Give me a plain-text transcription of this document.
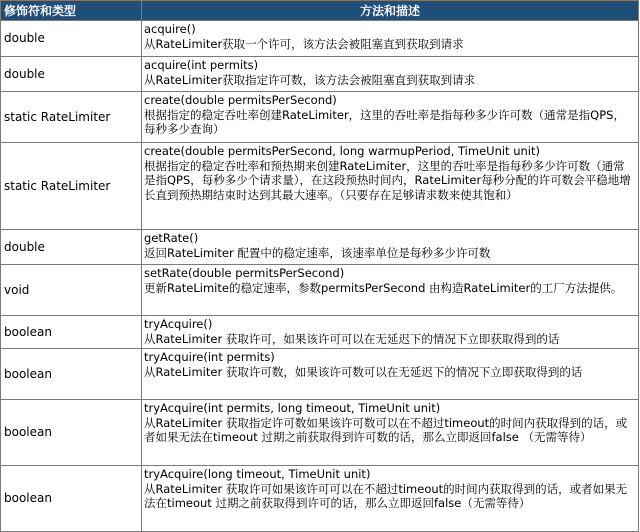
修饰符和类型	方法和描述
double	acquire()
从RateLimiter获取一个许可，该方法会被阻塞直到获取到请求

double	acquire(int permits)
从RateLimiter获取指定许可数，该方法会被阻塞直到获取到请求

static RateLimiter	create(double permitsPerSecond)
根据指定的稳定吞吐率创建RateLimiter，这里的吞吐率是指每秒多少许可数（通常是指QPS，每秒多少查询）

static RateLimiter	create(double permitsPerSecond, long warmupPeriod, TimeUnit unit)
根据指定的稳定吞吐率和预热期来创建RateLimiter，这里的吞吐率是指每秒多少许可数（通常是指QPS，每秒多少个请求量），在这段预热时间内，RateLimiter每秒分配的许可数会平稳地增长直到预热期结束时达到其最大速率。（只要存在足够请求数来使其饱和）

double	getRate()
返回RateLimiter 配置中的稳定速率，该速率单位是每秒多少许可数

void	setRate(double permitsPerSecond)
更新RateLimite的稳定速率，参数permitsPerSecond 由构造RateLimiter的工厂方法提供。

boolean	tryAcquire()
从RateLimiter 获取许可，如果该许可可以在无延迟下的情况下立即获取得到的话

boolean	tryAcquire(int permits)
从RateLimiter 获取许可数，如果该许可数可以在无延迟下的情况下立即获取得到的话

boolean	tryAcquire(int permits, long timeout, TimeUnit unit)
从RateLimiter 获取指定许可数如果该许可数可以在不超过timeout的时间内获取得到的话，或者如果无法在timeout 过期之前获取得到许可数的话，那么立即返回false （无需等待）

boolean	tryAcquire(long timeout, TimeUnit unit)
从RateLimiter 获取许可如果该许可可以在不超过timeout的时间内获取得到的话，或者如果无法在timeout 过期之前获取得到许可的话，那么立即返回false（无需等待）
